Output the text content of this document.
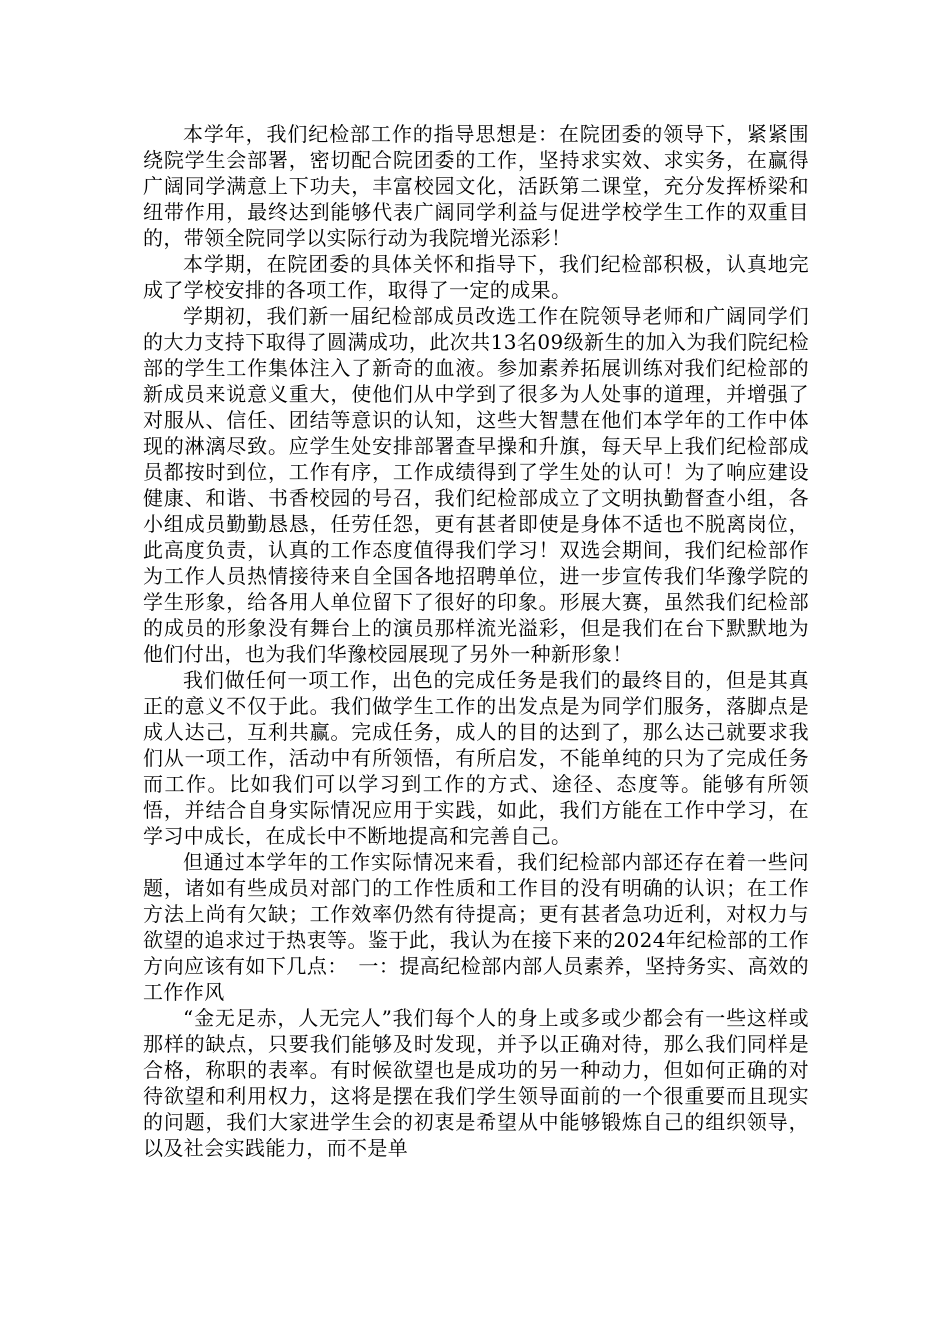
本学年，我们纪检部工作的指导思想是：在院团委的领导下，紧紧围绕院学生会部署，密切配合院团委的工作，坚持求实效、求实务，在赢得广阔同学满意上下功夫，丰富校园文化，活跃第二课堂，充分发挥桥梁和纽带作用，最终达到能够代表广阔同学利益与促进学校学生工作的双重目的，带领全院同学以实际行动为我院增光添彩！

本学期，在院团委的具体关怀和指导下，我们纪检部积极，认真地完成了学校安排的各项工作，取得了一定的成果。

学期初，我们新一届纪检部成员改选工作在院领导老师和广阔同学们的大力支持下取得了圆满成功，此次共13名09级新生的加入为我们院纪检部的学生工作集体注入了新奇的血液。参加素养拓展训练对我们纪检部的新成员来说意义重大，使他们从中学到了很多为人处事的道理，并增强了对服从、信任、团结等意识的认知，这些大智慧在他们本学年的工作中体现的淋漓尽致。应学生处安排部署查早操和升旗，每天早上我们纪检部成员都按时到位，工作有序，工作成绩得到了学生处的认可！为了响应建设健康、和谐、书香校园的号召，我们纪检部成立了文明执勤督查小组，各小组成员勤勤恳恳，任劳任怨，更有甚者即使是身体不适也不脱离岗位，此高度负责，认真的工作态度值得我们学习！双选会期间，我们纪检部作为工作人员热情接待来自全国各地招聘单位，进一步宣传我们华豫学院的学生形象，给各用人单位留下了很好的印象。形展大赛，虽然我们纪检部的成员的形象没有舞台上的演员那样流光溢彩，但是我们在台下默默地为他们付出，也为我们华豫校园展现了另外一种新形象！

我们做任何一项工作，出色的完成任务是我们的最终目的，但是其真正的意义不仅于此。我们做学生工作的出发点是为同学们服务，落脚点是成人达己，互利共赢。完成任务，成人的目的达到了，那么达己就要求我们从一项工作，活动中有所领悟，有所启发，不能单纯的只为了完成任务而工作。比如我们可以学习到工作的方式、途径、态度等。能够有所领悟，并结合自身实际情况应用于实践，如此，我们方能在工作中学习，在学习中成长，在成长中不断地提高和完善自己。

但通过本学年的工作实际情况来看，我们纪检部内部还存在着一些问题，诸如有些成员对部门的工作性质和工作目的没有明确的认识；在工作方法上尚有欠缺；工作效率仍然有待提高；更有甚者急功近利，对权力与欲望的追求过于热衷等。鉴于此，我认为在接下来的2024年纪检部的工作方向应该有如下几点：　一：提高纪检部内部人员素养，坚持务实、高效的工作作风

“金无足赤，人无完人”我们每个人的身上或多或少都会有一些这样或那样的缺点，只要我们能够及时发现，并予以正确对待，那么我们同样是合格，称职的表率。有时候欲望也是成功的另一种动力，但如何正确的对待欲望和利用权力，这将是摆在我们学生领导面前的一个很重要而且现实的问题，我们大家进学生会的初衷是希望从中能够锻炼自己的组织领导，以及社会实践能力，而不是单
